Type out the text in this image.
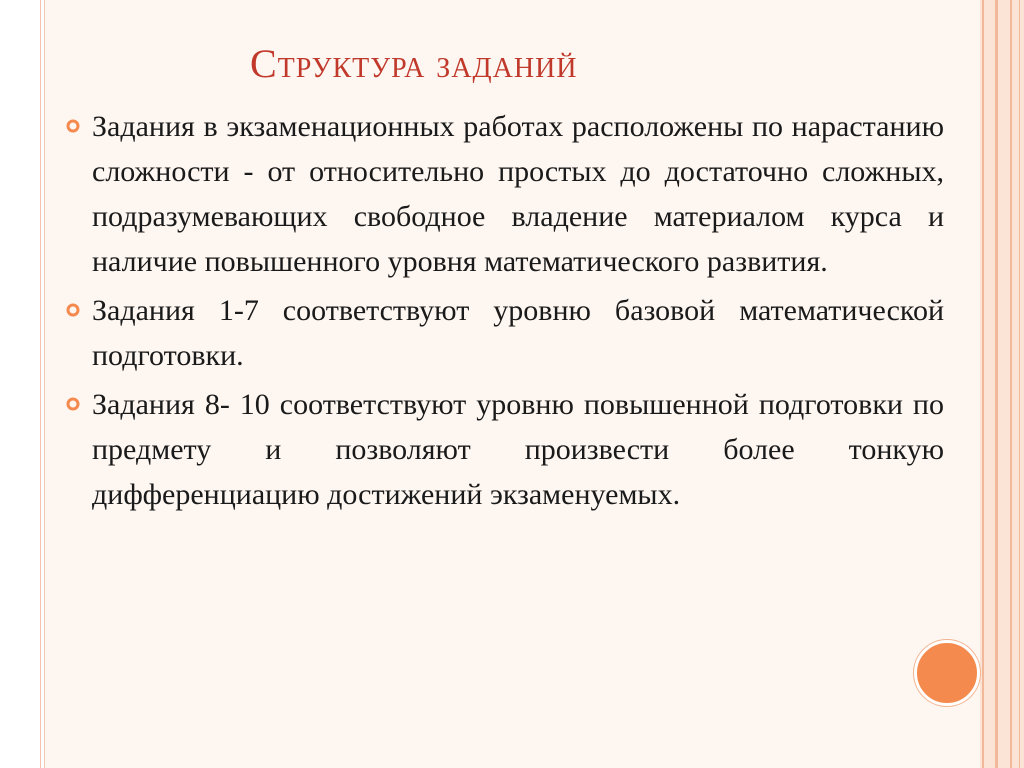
Структура заданий
Задания в экзаменационных работах расположены по нарастанию сложности - от относительно простых до достаточно сложных, подразумевающих свободное владение материалом курса и наличие повышенного уровня математического развития.
Задания 1-7 соответствуют уровню базовой математической подготовки.
Задания 8- 10 соответствуют уровню повышенной подготовки по предмету и позволяют произвести более тонкую дифференциацию достижений экзаменуемых.
